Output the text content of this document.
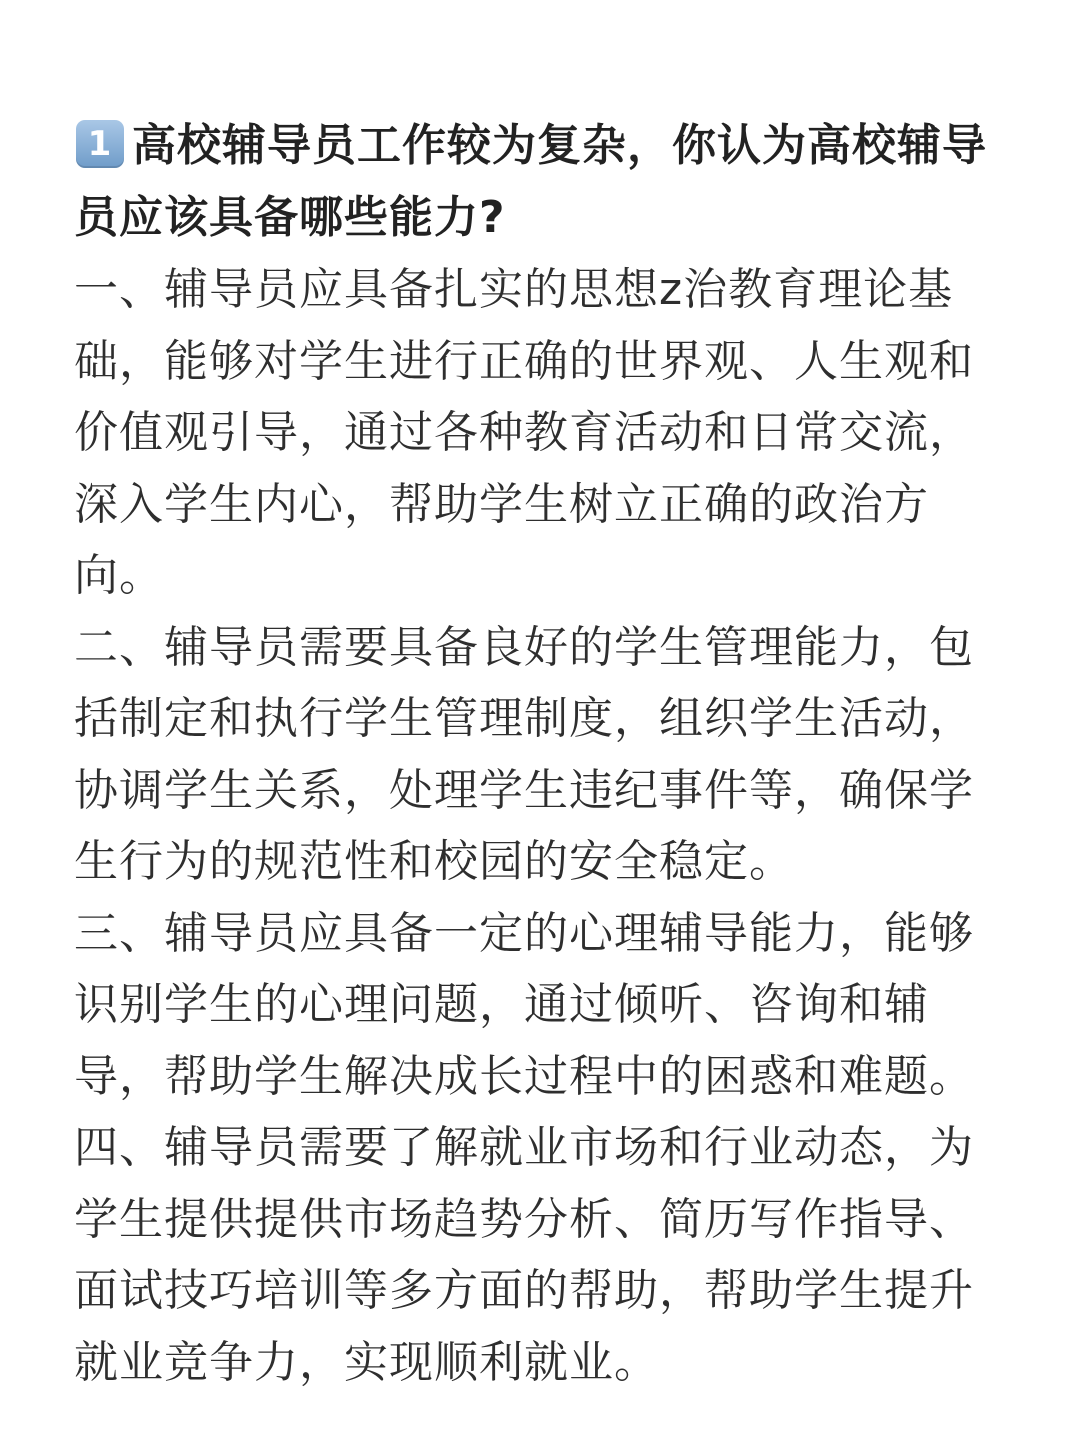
1 高校辅导员工作较为复杂，你认为高校辅导员应该具备哪些能力?

一、辅导员应具备扎实的思想z治教育理论基础，能够对学生进行正确的世界观、人生观和价值观引导，通过各种教育活动和日常交流，深入学生内心，帮助学生树立正确的政治方向。

二、辅导员需要具备良好的学生管理能力，包括制定和执行学生管理制度，组织学生活动，协调学生关系，处理学生违纪事件等，确保学生行为的规范性和校园的安全稳定。

三、辅导员应具备一定的心理辅导能力，能够识别学生的心理问题，通过倾听、咨询和辅导，帮助学生解决成长过程中的困惑和难题。

四、辅导员需要了解就业市场和行业动态，为学生提供提供市场趋势分析、简历写作指导、面试技巧培训等多方面的帮助，帮助学生提升就业竞争力，实现顺利就业。
